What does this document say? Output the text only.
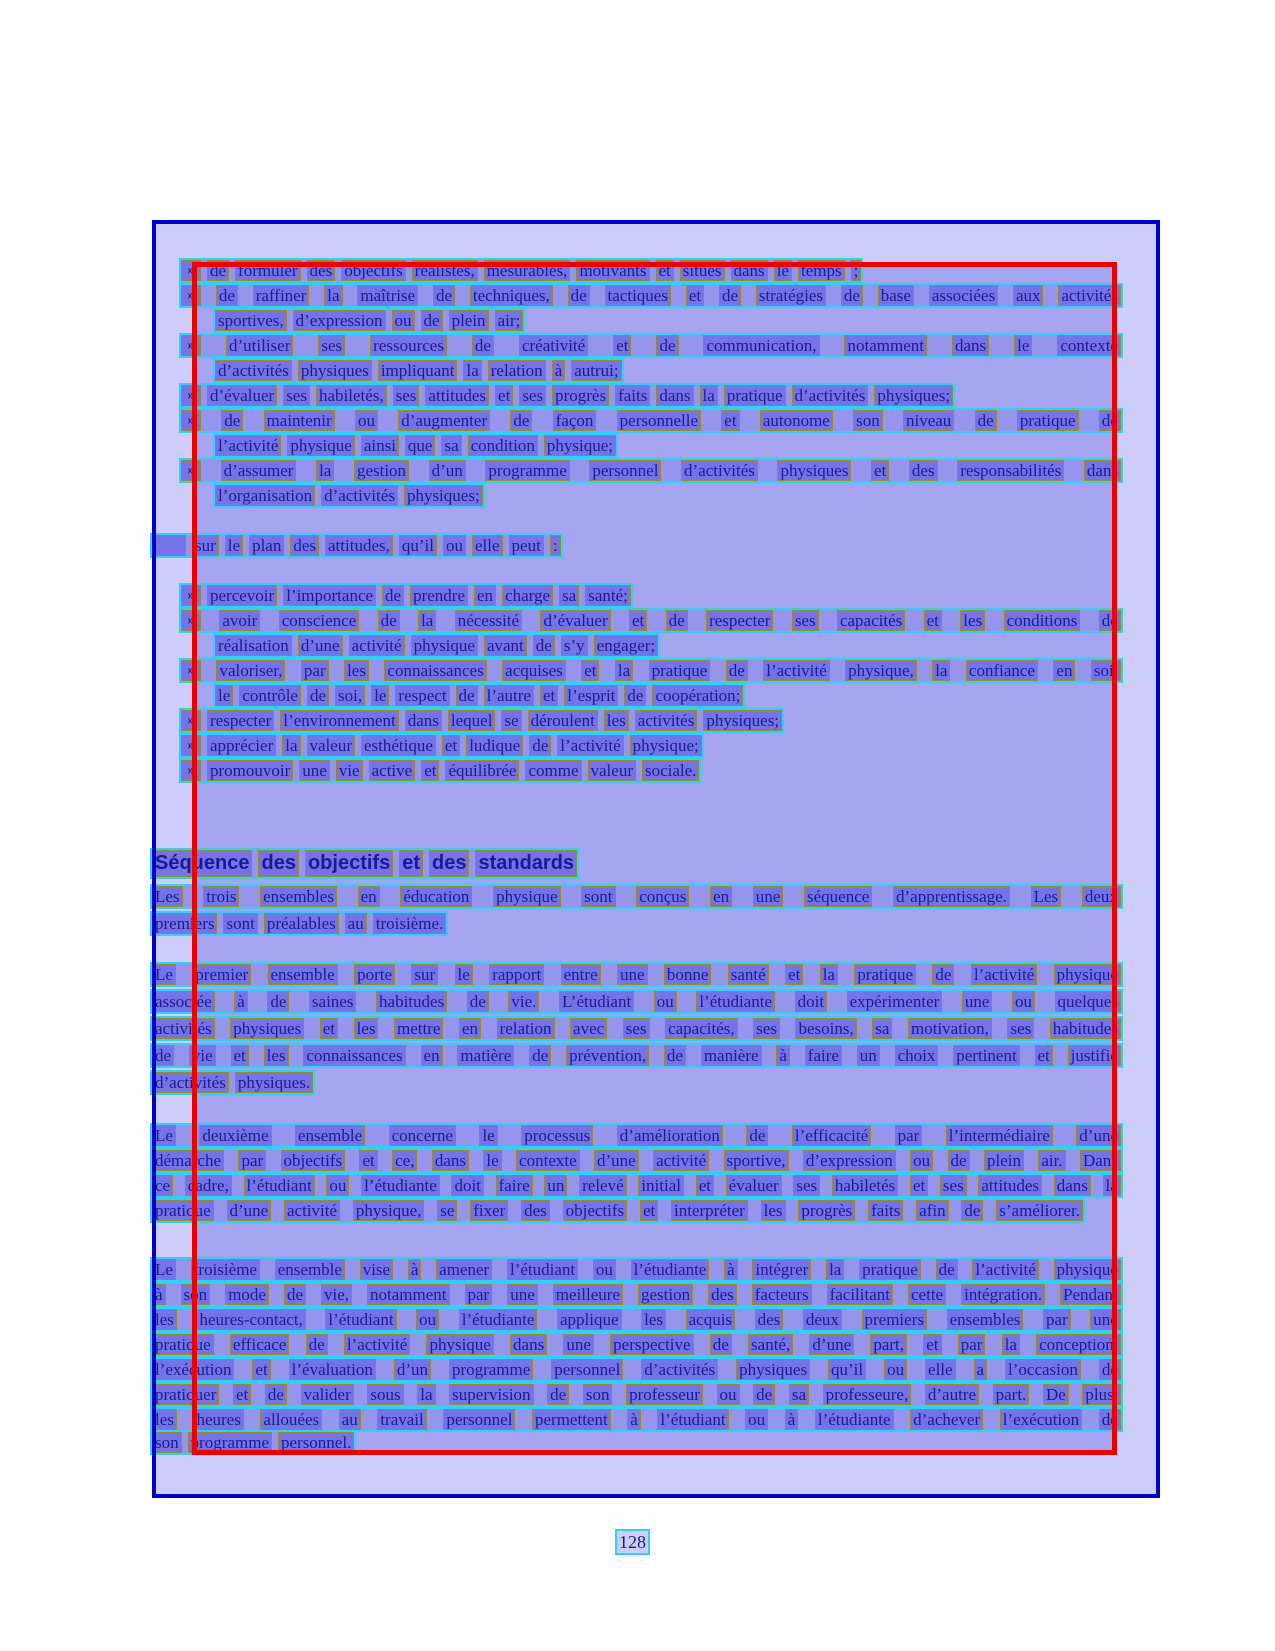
» de formuler des objectifs réalistes, mesurables, motivants et situés dans le temps ;
»	de raffiner la maîtrise de techniques, de tactiques et de stratégies de base associées aux activités
sportives, d’expression ou de plein air;
»	d’utiliser ses ressources de créativité et de communication, notamment dans le contexte
d’activités physiques impliquant la relation à autrui;
» d’évaluer ses habiletés, ses attitudes et ses progrès faits dans la pratique d’activités physiques;
»	de maintenir ou d’augmenter de façon personnelle et autonome son niveau de pratique de
l’activité physique ainsi que sa condition physique;
»	d’assumer la gestion d’un programme personnel d’activités physiques et des responsabilités dans
l’organisation d’activités physiques;
sur le plan des attitudes, qu’il ou elle peut :
» percevoir l’importance de prendre en charge sa santé;
»	avoir conscience de la nécessité d’évaluer et de respecter ses capacités et les conditions de
réalisation d’une activité physique avant de s’y engager;
»	valoriser, par les connaissances acquises et la pratique de l’activité physique, la confiance en soi,
le contrôle de soi, le respect de l’autre et l’esprit de coopération;
» respecter l’environnement dans lequel se déroulent les activités physiques;
» apprécier la valeur esthétique et ludique de l’activité physique;
» promouvoir une vie active et équilibrée comme valeur sociale.
Séquence des objectifs et des standards
Les trois ensembles en éducation physique sont conçus en une séquence d’apprentissage. Les deux
premiers sont préalables au troisième.
Le premier ensemble porte sur le rapport entre une bonne santé et la pratique de l’activité physique
associée à de saines habitudes de vie. L’étudiant ou l’étudiante doit expérimenter une ou quelques
activités physiques et les mettre en relation avec ses capacités, ses besoins, sa motivation, ses habitudes
de vie et les connaissances en matière de prévention, de manière à faire un choix pertinent et justifié
d’activités physiques.
Le deuxième ensemble concerne le processus d’amélioration de l’efficacité par l’intermédiaire d’une
démarche par objectifs et ce, dans le contexte d’une activité sportive, d’expression ou de plein air. Dans
ce cadre, l’étudiant ou l’étudiante doit faire un relevé initial et évaluer ses habiletés et ses attitudes dans la
pratique d’une activité physique, se fixer des objectifs et interpréter les progrès faits afin de s’améliorer.
Le troisième ensemble vise à amener l’étudiant ou l’étudiante à intégrer la pratique de l’activité physique
à son mode de vie, notamment par une meilleure gestion des facteurs facilitant cette intégration. Pendant
les heures-contact, l’étudiant ou l’étudiante applique les acquis des deux premiers ensembles par une
pratique efficace de l’activité physique dans une perspective de santé, d’une part, et par la conception,
l’exécution et l’évaluation d’un programme personnel d’activités physiques qu’il ou elle a l’occasion de
pratiquer et de valider sous la supervision de son professeur ou de sa professeure, d’autre part. De plus,
les heures allouées au travail personnel permettent à l’étudiant ou à l’étudiante d’achever l’exécution de
son programme personnel.
128
